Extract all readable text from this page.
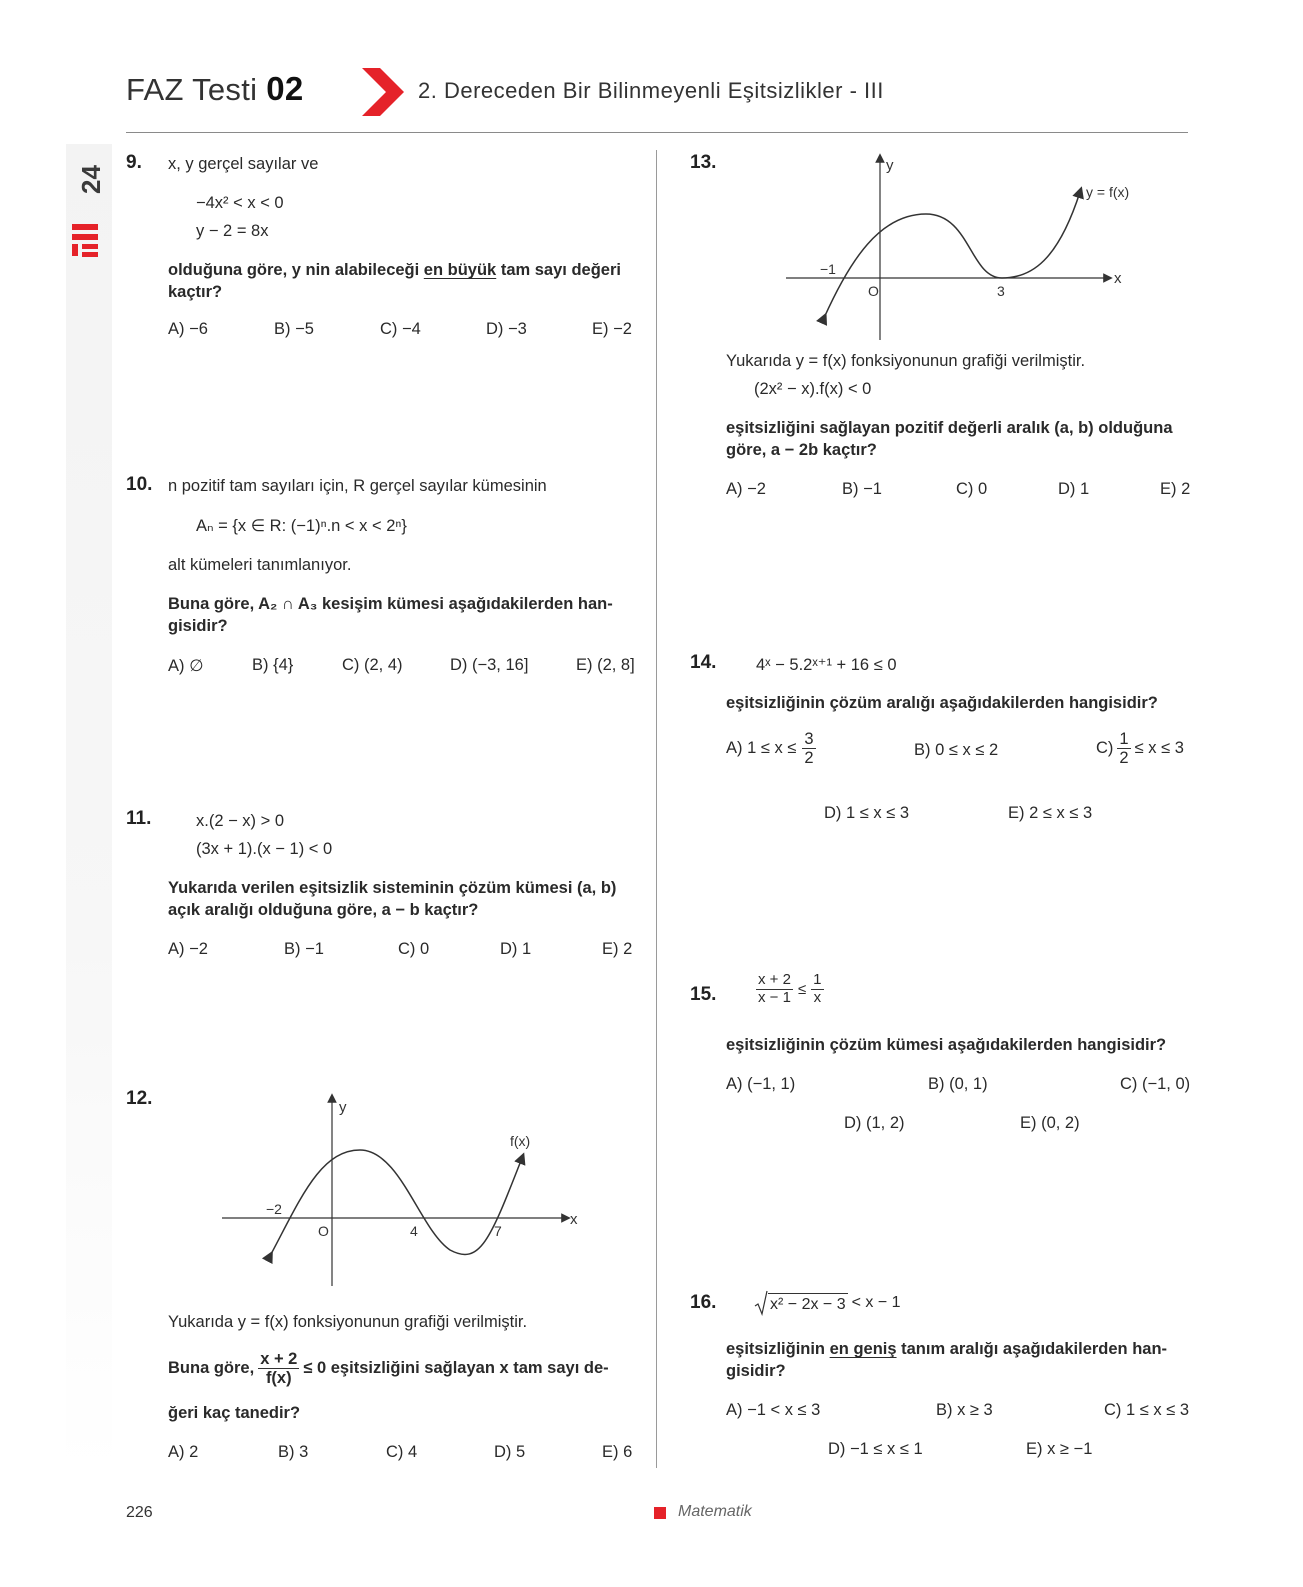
FAZ Testi 02	2. Dereceden Bir Bilinmeyenli Eşitsizlikler - III
24
9. x, y gerçel sayılar ve
−4x² < x < 0
y − 2 = 8x
olduğuna göre, y nin alabileceği en büyük tam sayı değeri
kaçtır?
A) −6	B) −5	C) −4	D) −3	E) −2
10. n pozitif tam sayıları için, R gerçel sayılar kümesinin
Aₙ = {x ∈ R: (−1)ⁿ.n < x < 2ⁿ}
alt kümeleri tanımlanıyor.
Buna göre, A₂ ∩ A₃ kesişim kümesi aşağıdakilerden han-
gisidir?
A) ∅	B) {4}	C) (2, 4)	D) (−3, 16]	E) (2, 8]
11.	x.(2 − x) > 0
(3x + 1).(x − 1) < 0
Yukarıda verilen eşitsizlik sisteminin çözüm kümesi (a, b)
açık aralığı olduğuna göre, a − b kaçtır?
A) −2	B) −1	C) 0	D) 1	E) 2
12.	y
x
O
f(x)
−2
4	7
Yukarıda y = f(x) fonksiyonunun grafiği verilmiştir.
Buna göre, $\frac{x + 2}{f(x)} \le 0$ eşitsizliğini sağlayan x tam sayı de-
ğeri kaç tanedir?
A) 2	B) 3	C) 4	D) 5	E) 6
13.	y
x
O
y = f(x)
−1
3
Yukarıda y = f(x) fonksiyonunun grafiği verilmiştir.
(2x² − x).f(x) < 0
eşitsizliğini sağlayan pozitif değerli aralık (a, b) olduğuna
göre, a − 2b kaçtır?
A) −2	B) −1	C) 0	D) 1	E) 2
14. 4ˣ − 5.2ˣ⁺¹ + 16 ≤ 0
eşitsizliğinin çözüm aralığı aşağıdakilerden hangisidir?
A) $1 \le x \le \frac{3}{2}$	B) 0 ≤ x ≤ 2	$C) \frac{1}{2} \le x \le 3$
D) 1 ≤ x ≤ 3	E) 2 ≤ x ≤ 3
15.	$\frac{x + 2}{x - 1} \le \frac{1}{x}$
eşitsizliğinin çözüm kümesi aşağıdakilerden hangisidir?
A) (−1, 1)	B) (0, 1)	C) (−1, 0)
D) (1, 2)	E) (0, 2)
16.	x² − 2x − 3 < x − 1
eşitsizliğinin en geniş tanım aralığı aşağıdakilerden han-
gisidir?
A) −1 < x ≤ 3	B) x ≥ 3	C) 1 ≤ x ≤ 3
D) −1 ≤ x ≤ 1	E) x ≥ −1
226	Matematik
